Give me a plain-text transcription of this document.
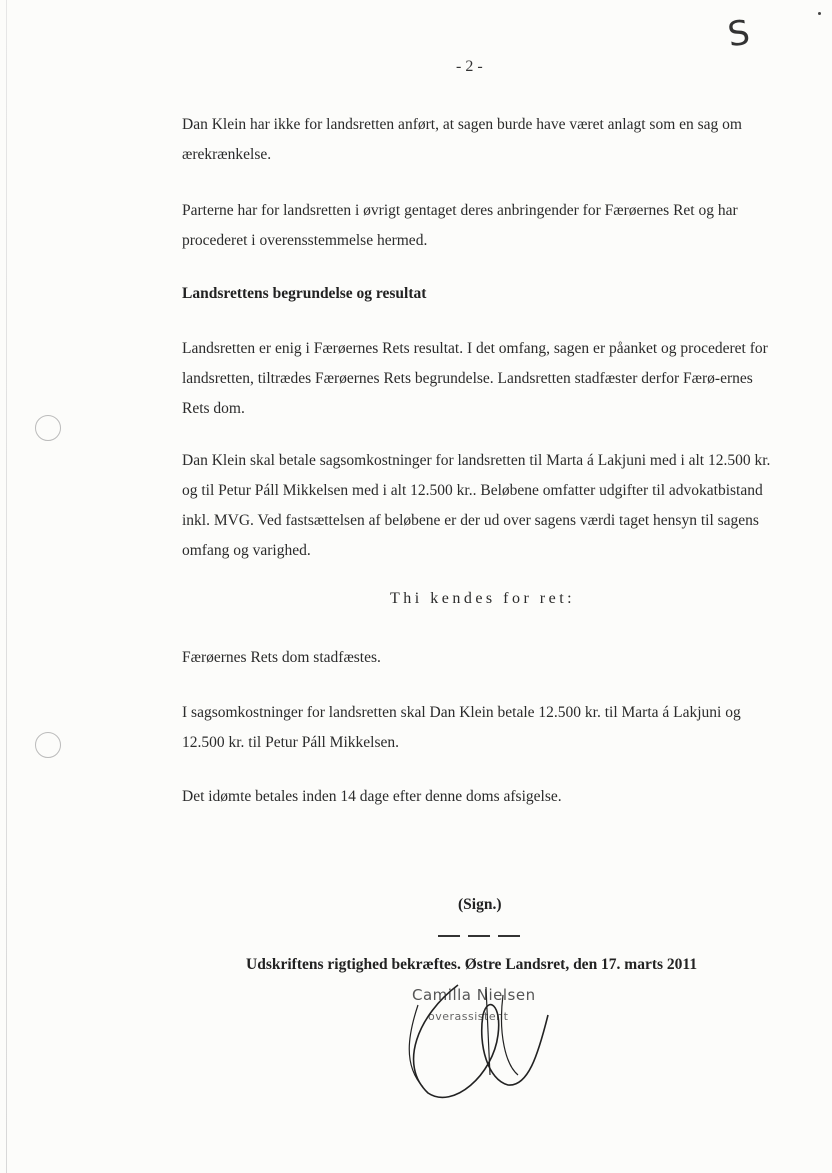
S
- 2 -
Dan Klein har ikke for landsretten anført, at sagen burde have været anlagt som en sag om ærekrænkelse.
Parterne har for landsretten i øvrigt gentaget deres anbringender for Færøernes Ret og har procederet i overensstemmelse hermed.
Landsrettens begrundelse og resultat
Landsretten er enig i Færøernes Rets resultat. I det omfang, sagen er påanket og procederet for landsretten, tiltrædes Færøernes Rets begrundelse. Landsretten stadfæster derfor Færø-ernes Rets dom.
Dan Klein skal betale sagsomkostninger for landsretten til Marta á Lakjuni med i alt 12.500 kr. og til Petur Páll Mikkelsen med i alt 12.500 kr.. Beløbene omfatter udgifter til advokatbistand inkl. MVG. Ved fastsættelsen af beløbene er der ud over sagens værdi taget hensyn til sagens omfang og varighed.
Thi kendes for ret:
Færøernes Rets dom stadfæstes.
I sagsomkostninger for landsretten skal Dan Klein betale 12.500 kr. til Marta á Lakjuni og 12.500 kr. til Petur Páll Mikkelsen.
Det idømte betales inden 14 dage efter denne doms afsigelse.
(Sign.)
Udskriftens rigtighed bekræftes. Østre Landsret, den 17. marts 2011
Camilla Nielsen
overassistent
